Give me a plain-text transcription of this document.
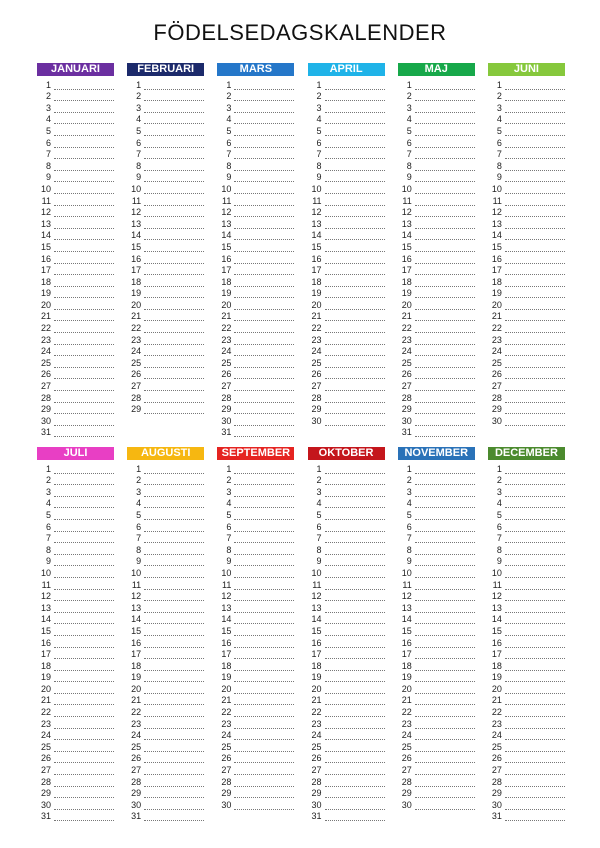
FÖDELSEDAGSKALENDER
JANUARI
1
2
3
4
5
6
7
8
9
10
11
12
13
14
15
16
17
18
19
20
21
22
23
24
25
26
27
28
29
30
31
FEBRUARI
1
2
3
4
5
6
7
8
9
10
11
12
13
14
15
16
17
18
19
20
21
22
23
24
25
26
27
28
29
MARS
1
2
3
4
5
6
7
8
9
10
11
12
13
14
15
16
17
18
19
20
21
22
23
24
25
26
27
28
29
30
31
APRIL
1
2
3
4
5
6
7
8
9
10
11
12
13
14
15
16
17
18
19
20
21
22
23
24
25
26
27
28
29
30
MAJ
1
2
3
4
5
6
7
8
9
10
11
12
13
14
15
16
17
18
19
20
21
22
23
24
25
26
27
28
29
30
31
JUNI
1
2
3
4
5
6
7
8
9
10
11
12
13
14
15
16
17
18
19
20
21
22
23
24
25
26
27
28
29
30
JULI
1
2
3
4
5
6
7
8
9
10
11
12
13
14
15
16
17
18
19
20
21
22
23
24
25
26
27
28
29
30
31
AUGUSTI
1
2
3
4
5
6
7
8
9
10
11
12
13
14
15
16
17
18
19
20
21
22
23
24
25
26
27
28
29
30
31
SEPTEMBER
1
2
3
4
5
6
7
8
9
10
11
12
13
14
15
16
17
18
19
20
21
22
23
24
25
26
27
28
29
30
OKTOBER
1
2
3
4
5
6
7
8
9
10
11
12
13
14
15
16
17
18
19
20
21
22
23
24
25
26
27
28
29
30
31
NOVEMBER
1
2
3
4
5
6
7
8
9
10
11
12
13
14
15
16
17
18
19
20
21
22
23
24
25
26
27
28
29
30
DECEMBER
1
2
3
4
5
6
7
8
9
10
11
12
13
14
15
16
17
18
19
20
21
22
23
24
25
26
27
28
29
30
31
